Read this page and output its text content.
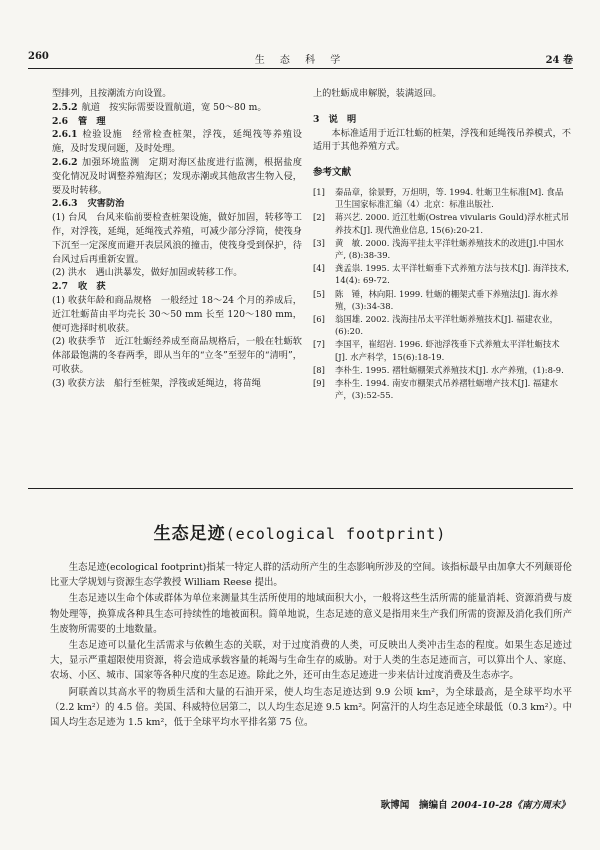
260	生 态 科 学	24 卷

型排列，且按潮流方向设置。

2.5.2 航道　按实际需要设置航道，宽 50～80 m。

2.6 管　理

2.6.1 检验设施　经常检查桩架，浮筏，延绳筏等养殖设施，及时发现问题，及时处理。

2.6.2 加强环境监测　定期对海区盐度进行监测，根据盐度变化情况及时调整养殖海区；发现赤潮或其他敌害生物入侵，要及时转移。

2.6.3 灾害防治

(1) 台风　台风来临前要检查桩架设施，做好加固，转移等工作，对浮筏，延绳，延绳筏式养殖，可减少部分浮筒，使筏身下沉至一定深度而避开表层风浪的撞击，使筏身受到保护，待台风过后再重新安置。

(2) 洪水　遇山洪暴发，做好加固或转移工作。

2.7 收　获

(1) 收获年龄和商品规格　一般经过 18～24 个月的养成后，近江牡蛎苗由平均壳长 30～50 mm 长至 120～180 mm，便可选择时机收获。

(2) 收获季节　近江牡蛎经养成至商品规格后，一般在牡蛎软体部最饱满的冬春两季，即从当年的“立冬”至翌年的“清明”，可收获。

(3) 收获方法　船行至桩架，浮筏或延绳边，将苗绳

上的牡蛎成串解脱，装满返回。

3　说　明

本标准适用于近江牡蛎的桩架，浮筏和延绳筏吊养模式，不适用于其他养殖方式。

参考文献

[1]	秦品章，徐景野，万炟明，等. 1994. 牡蛎卫生标准[M]. 食品卫生国家标准汇编（4）北京：标准出版社.

[2]	蒋兴艺. 2000. 近江牡蛎(Ostrea vivularis Gould)浮水桩式吊养技术[J]. 现代渔业信息, 15(6):20-21.

[3]	黄　敏. 2000. 浅海平挂太平洋牡蛎养殖技术的改进[J].中国水产, (8):38-39.

[4]	龚孟祟. 1995. 太平洋牡蛎垂下式养殖方法与技术[J]. 海洋技术, 14(4): 69-72.

[5]	陈　锤，林向阳. 1999. 牡蛎的棚架式垂下养殖法[J]. 海水养殖，(3):34-38.

[6]	翁国雄. 2002. 浅海挂吊太平洋牡蛎养殖技术[J]. 福建农业，(6):20.

[7]	李国平，崔绍岩. 1996. 虾池浮筏垂下式养殖太平洋牡蛎技术[J]. 水产科学，15(6):18-19.

[8]	李朴生. 1995. 褶牡蛎棚架式养殖技术[J]. 水产养殖，(1):8-9.

[9]	李朴生. 1994. 南安市棚架式吊养褶牡蛎增产技术[J]. 福建水产，(3):52-55.

生态足迹(ecological footprint)

生态足迹(ecological footprint)指某一特定人群的活动所产生的生态影响所涉及的空间。该指标最早由加拿大不列颠哥伦比亚大学规划与资源生态学教授 William Reese 提出。

生态足迹以生命个体或群体为单位来测量其生活所使用的地域面积大小，一般将这些生活所需的能量消耗、资源消费与废物处理等，换算成各种具生态可持续性的地被面积。简单地说，生态足迹的意义是指用来生产我们所需的资源及消化我们所产生废物所需要的土地数量。

生态足迹可以量化生活需求与依赖生态的关联，对于过度消费的人类，可反映出人类冲击生态的程度。如果生态足迹过大，显示严重超限使用资源，将会造成承载容量的耗竭与生命生存的威胁。对于人类的生态足迹而言，可以算出个人、家庭、农场、小区、城市、国家等各种尺度的生态足迹。除此之外，还可由生态足迹进一步来估计过度消费及生态赤字。

阿联酋以其高水平的物质生活和大量的石油开采，使人均生态足迹达到 9.9 公顷 km²，为全球最高，是全球平均水平（2.2 km²）的 4.5 倍。美国、科威特位居第二，以人均生态足迹 9.5 km²。阿富汗的人均生态足迹全球最低（0.3 km²）。中国人均生态足迹为 1.5 km²，低于全球平均水平排名第 75 位。

耿博闻　摘编自 2004-10-28《南方周末》
